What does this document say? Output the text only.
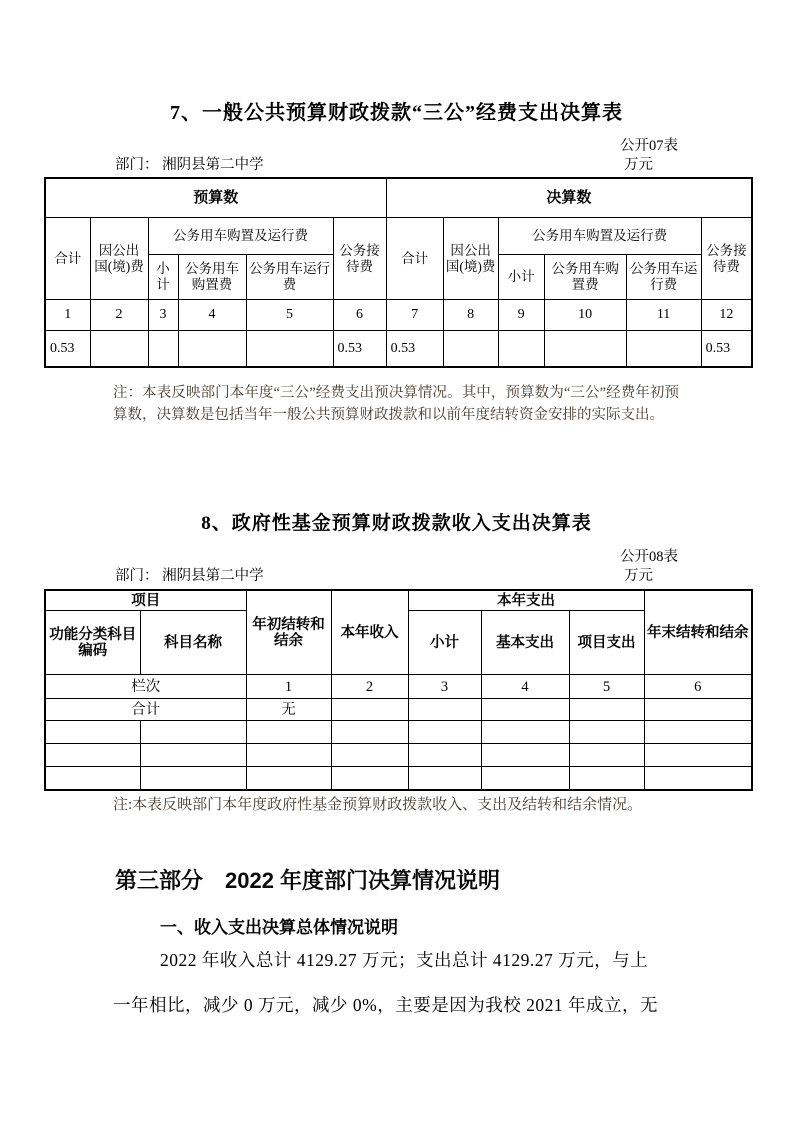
7、一般公共预算财政拨款“三公”经费支出决算表
公开07表
部门： 湘阴县第二中学	万元
预算数						决算数					
合计	因公出国(境)费	公务用车购置及运行费			公务接待费	合计	因公出国(境)费	公务用车购置及运行费			公务接待费
		小计	公务用车购置费	公务用车运行费				小计	公务用车购置费	公务用车运行费	
1	2	3	4	5	6	7	8	9	10	11	12
0.53					0.53	0.53					0.53
注：本表反映部门本年度“三公”经费支出预决算情况。其中，预算数为“三公”经费年初预算数，决算数是包括当年一般公共预算财政拨款和以前年度结转资金安排的实际支出。
8、政府性基金预算财政拨款收入支出决算表
公开08表
部门： 湘阴县第二中学	万元
项目		年初结转和结余	本年收入	本年支出			年末结转和结余
功能分类科目编码	科目名称			小计	基本支出	项目支出	
栏次		1	2	3	4	5	6
合计		无					

注:本表反映部门本年度政府性基金预算财政拨款收入、支出及结转和结余情况。
第三部分　2022 年度部门决算情况说明
一、收入支出决算总体情况说明
2022 年收入总计 4129.27 万元；支出总计 4129.27 万元，与上
一年相比，减少 0 万元，减少 0%，主要是因为我校 2021 年成立，无
